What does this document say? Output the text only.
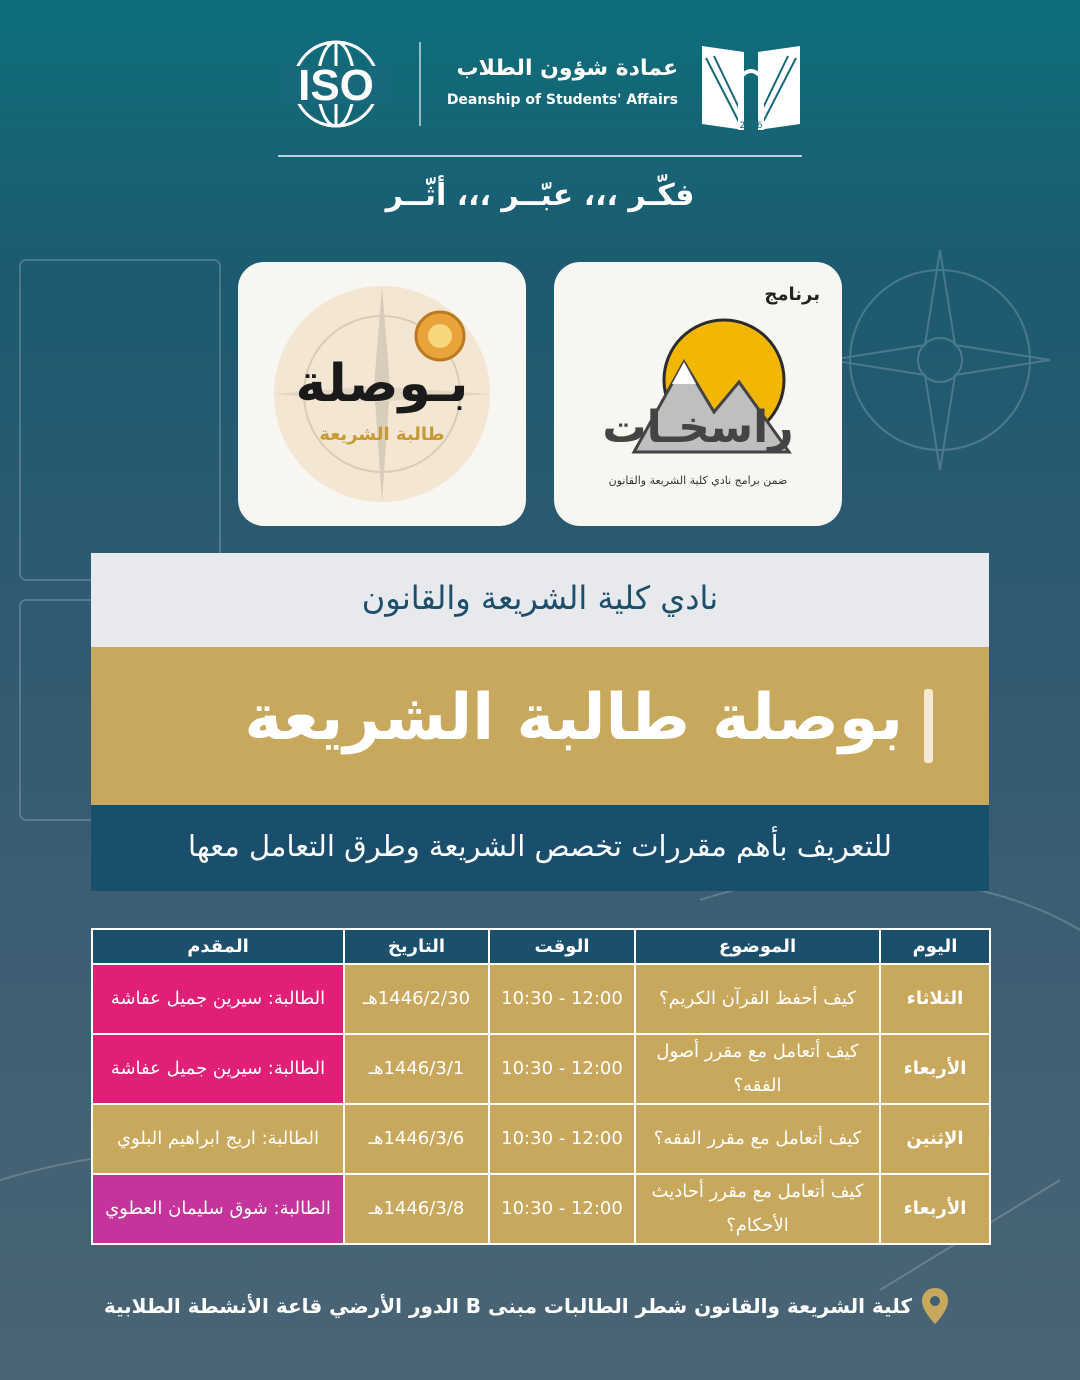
ISO	عمادة شؤون الطلاب
Deanship of Students' Affairs
2006
فكّـر ،،، عبّــر ،،، أثّــر
بـوصلة
طالبة الشريعة
برنامج
راسخـات
ضمن برامج نادي كلية الشريعة والقانون
نادي كلية الشريعة والقانون
بوصلة طالبة الشريعة
للتعريف بأهم مقررات تخصص الشريعة وطرق التعامل معها
المقدم	التاريخ	الوقت	الموضوع	اليوم
الطالبة: سيرين جميل عفاشة	1446/2/30هـ	10:30 - 12:00	كيف أحفظ القرآن الكريم؟	الثلاثاء
الطالبة: سيرين جميل عفاشة	1446/3/1هـ	10:30 - 12:00	كيف أتعامل مع مقرر أصول الفقه؟	الأربعاء
الطالبة: اريج ابراهيم البلوي	1446/3/6هـ	10:30 - 12:00	كيف أتعامل مع مقرر الفقه؟	الإثنين
الطالبة: شوق سليمان العطوي	1446/3/8هـ	10:30 - 12:00	كيف أتعامل مع مقرر أحاديث الأحكام؟	الأربعاء
كلية الشريعة والقانون شطر الطالبات مبنى B الدور الأرضي قاعة الأنشطة الطلابية
